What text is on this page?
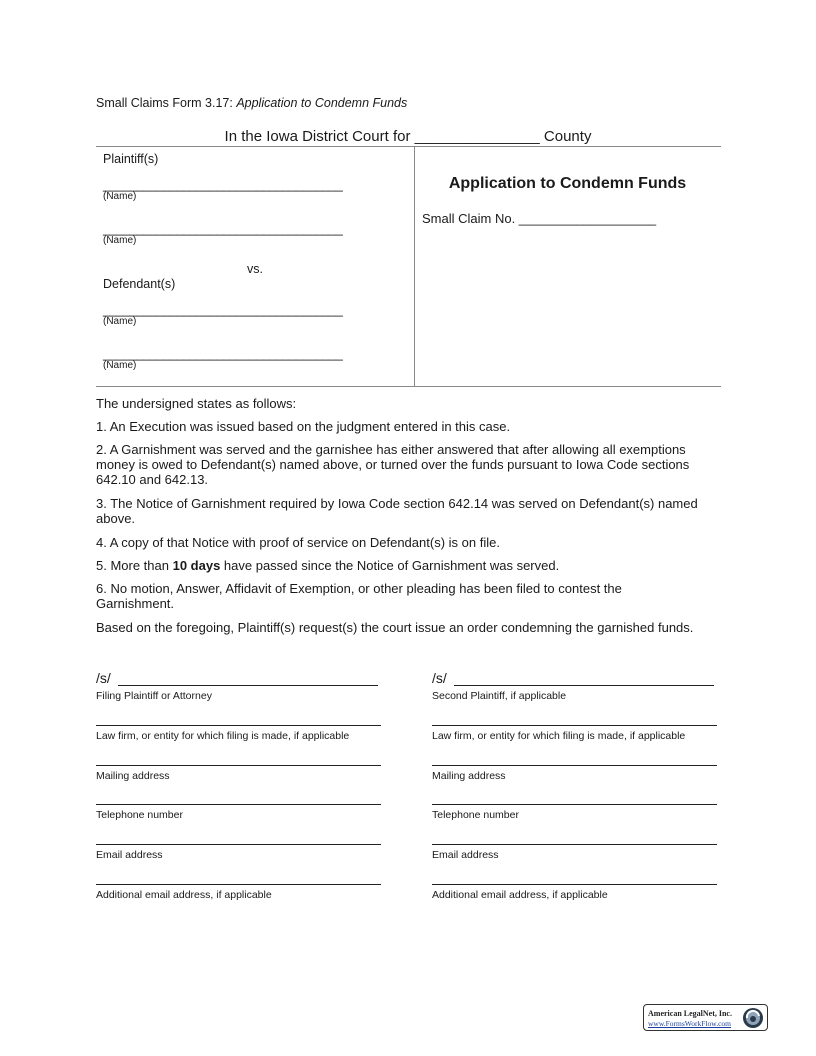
Small Claims Form 3.17: Application to Condemn Funds
In the Iowa District Court for _______________ County
Plaintiff(s)
____________________________________
(Name)
____________________________________
(Name)
vs.
Defendant(s)
____________________________________
(Name)
____________________________________
(Name)
Application to Condemn Funds
Small Claim No. ___________________
The undersigned states as follows:
1. An Execution was issued based on the judgment entered in this case.
2. A Garnishment was served and the garnishee has either answered that after allowing all exemptions money is owed to Defendant(s) named above, or turned over the funds pursuant to Iowa Code sections 642.10 and 642.13.
3. The Notice of Garnishment required by Iowa Code section 642.14 was served on Defendant(s) named above.
4. A copy of that Notice with proof of service on Defendant(s) is on file.
5. More than 10 days have passed since the Notice of Garnishment was served.
6. No motion, Answer, Affidavit of Exemption, or other pleading has been filed to contest the Garnishment.
Based on the foregoing, Plaintiff(s) request(s) the court issue an order condemning the garnished funds.
/s/
Filing Plaintiff or Attorney
Law firm, or entity for which filing is made, if applicable
Mailing address
Telephone number
Email address
Additional email address, if applicable
/s/
Second Plaintiff, if applicable
Law firm, or entity for which filing is made, if applicable
Mailing address
Telephone number
Email address
Additional email address, if applicable
American LegalNet, Inc.
www.FormsWorkFlow.com
